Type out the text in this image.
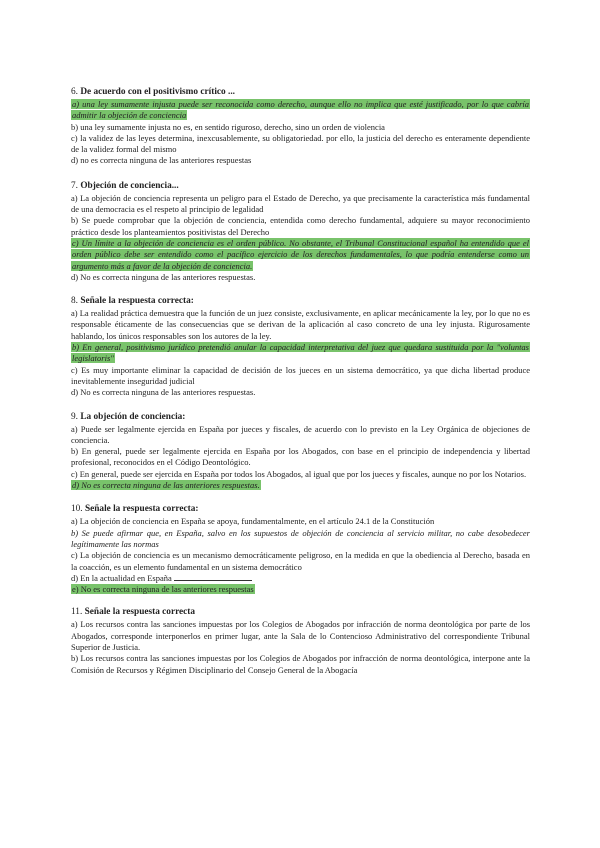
6. De acuerdo con el positivismo crítico ...

a) una ley sumamente injusta puede ser reconocida como derecho, aunque ello no implica que esté justificado, por lo que cabría admitir la objeción de conciencia

b) una ley sumamente injusta no es, en sentido riguroso, derecho, sino un orden de violencia

c) la validez de las leyes determina, inexcusablemente, su obligatoriedad. por ello, la justicia del derecho es enteramente dependiente de la validez formal del mismo

d) no es correcta ninguna de las anteriores respuestas

7. Objeción de conciencia...

a) La objeción de conciencia representa un peligro para el Estado de Derecho, ya que precisamente la característica más fundamental de una democracia es el respeto al principio de legalidad

b) Se puede comprobar que la objeción de conciencia, entendida como derecho fundamental, adquiere su mayor reconocimiento práctico desde los planteamientos positivistas del Derecho

c) Un límite a la objeción de conciencia es el orden público. No obstante, el Tribunal Constitucional español ha entendido que el orden público debe ser entendido como el pacífico ejercicio de los derechos fundamentales, lo que podría entenderse como un argumento más a favor de la objeción de conciencia.

d) No es correcta ninguna de las anteriores respuestas.

8. Señale la respuesta correcta:

a) La realidad práctica demuestra que la función de un juez consiste, exclusivamente, en aplicar mecánicamente la ley, por lo que no es responsable éticamente de las consecuencias que se derivan de la aplicación al caso concreto de una ley injusta. Rigurosamente hablando, los únicos responsables son los autores de la ley.

b) En general, positivismo jurídico pretendió anular la capacidad interpretativa del juez que quedara sustituida por la "voluntas legislatoris"

c) Es muy importante eliminar la capacidad de decisión de los jueces en un sistema democrático, ya que dicha libertad produce inevitablemente inseguridad judicial

d) No es correcta ninguna de las anteriores respuestas.

9. La objeción de conciencia:

a) Puede ser legalmente ejercida en España por jueces y fiscales, de acuerdo con lo previsto en la Ley Orgánica de objeciones de conciencia.

b) En general, puede ser legalmente ejercida en España por los Abogados, con base en el principio de independencia y libertad profesional, reconocidos en el Código Deontológico.

c) En general, puede ser ejercida en España por todos los Abogados, al igual que por los jueces y fiscales, aunque no por los Notarios.

d) No es correcta ninguna de las anteriores respuestas.

10. Señale la respuesta correcta:

a) La objeción de conciencia en España se apoya, fundamentalmente, en el artículo 24.1 de la Constitución

b) Se puede afirmar que, en España, salvo en los supuestos de objeción de conciencia al servicio militar, no cabe desobedecer legítimamente las normas

c) La objeción de conciencia es un mecanismo democráticamente peligroso, en la medida en que la obediencia al Derecho, basada en la coacción, es un elemento fundamental en un sistema democrático

d) En la actualidad en España

e) No es correcta ninguna de las anteriores respuestas

11. Señale la respuesta correcta

a) Los recursos contra las sanciones impuestas por los Colegios de Abogados por infracción de norma deontológica por parte de los Abogados, corresponde interponerlos en primer lugar, ante la Sala de lo Contencioso Administrativo del correspondiente Tribunal Superior de Justicia.

b) Los recursos contra las sanciones impuestas por los Colegios de Abogados por infracción de norma deontológica, interpone ante la Comisión de Recursos y Régimen Disciplinario del Consejo General de la Abogacía
